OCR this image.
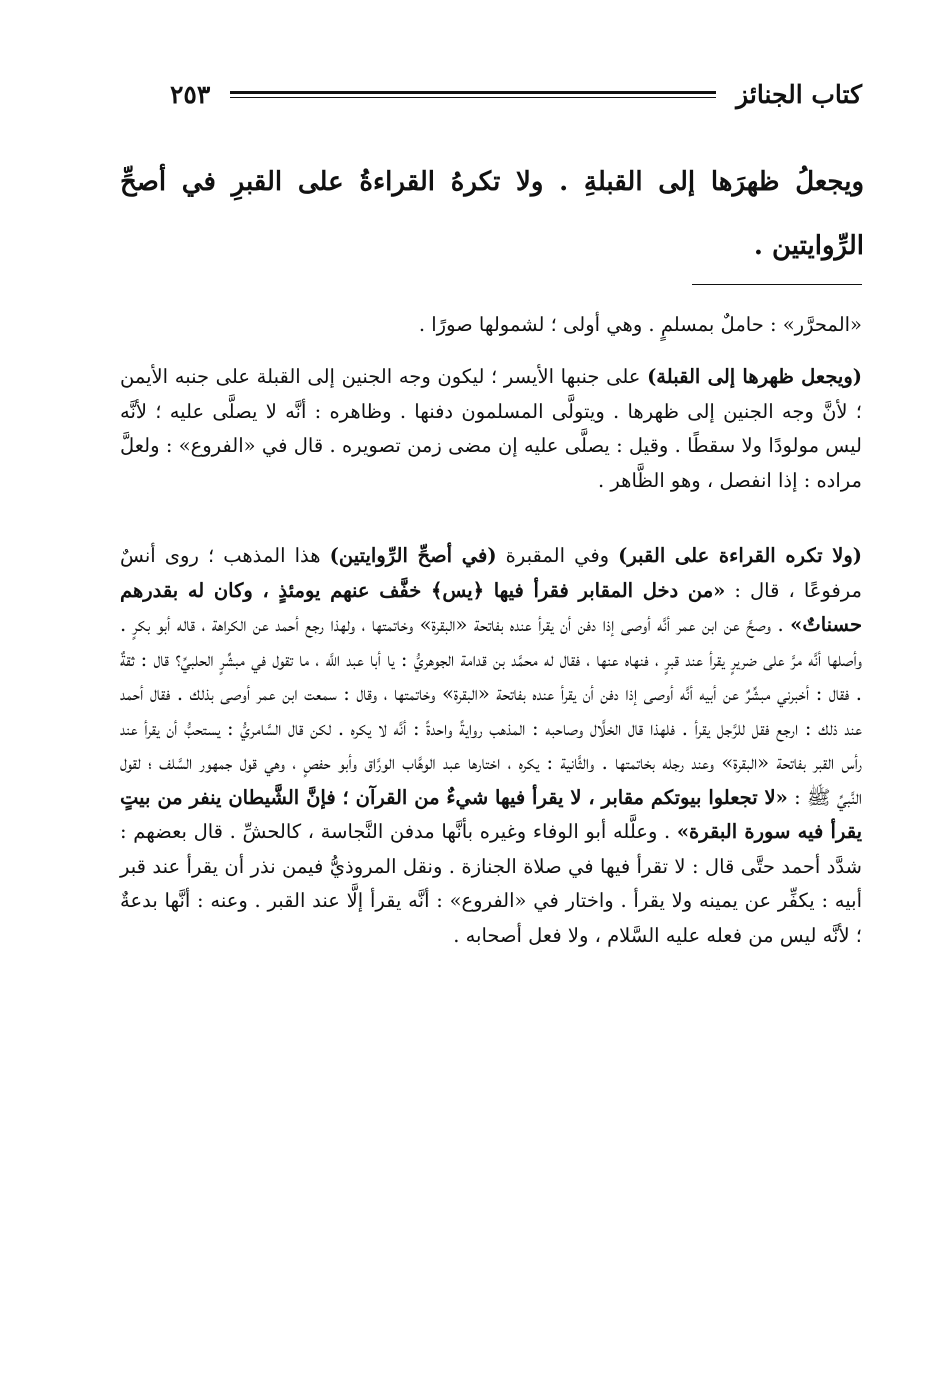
كتاب الجنائز
٢٥٣
ويجعلُ ظهرَها إلى القبلةِ . ولا تكرهُ القراءةُ على القبرِ في أصحِّ الرِّوايتين .
«المحرَّر» : حاملٌ بمسلمٍ . وهي أولى ؛ لشمولها صورًا .
(ويجعل ظهرها إلى القبلة) على جنبها الأيسر ؛ ليكون وجه الجنين إلى القبلة على جنبه الأيمن ؛ لأنَّ وجه الجنين إلى ظهرها . ويتولَّى المسلمون دفنها . وظاهره : أنَّه لا يصلَّى عليه ؛ لأنَّه ليس مولودًا ولا سقطًا . وقيل : يصلَّى عليه إن مضى زمن تصويره . قال في «الفروع» : ولعلَّ مراده : إذا انفصل ، وهو الظَّاهر .
(ولا تكره القراءة على القبر) وفي المقبرة (في أصحِّ الرِّوايتين) هذا المذهب ؛ روى أنسٌ مرفوعًا ، قال : «من دخل المقابر فقرأ فيها ﴿يس﴾ خفَّف عنهم يومئذٍ ، وكان له بقدرهم حسناتٌ» . وصحَّ عن ابن عمر أنَّه أوصى إذا دفن أن يقرأ عنده بفاتحة «البقرة» وخاتمتها ، ولهذا رجع أحمد عن الكراهة ، قاله أبو بكرٍ . وأصلها أنَّه مرَّ على ضريرٍ يقرأ عند قبرٍ ، فنهاه عنها ، فقال له محمَّد بن قدامة الجوهريُّ : يا أبا عبد اللَّه ، ما تقول في مبشِّرٍ الحلبيِّ؟ قال : ثقةٌ . فقال : أخبرني مبشِّرٌ عن أبيه أنَّه أوصى إذا دفن أن يقرأ عنده بفاتحة «البقرة» وخاتمتها ، وقال : سمعت ابن عمر أوصى بذلك . فقال أحمد عند ذلك : ارجع فقل للرَّجل يقرأ . فلهذا قال الخلَّال وصاحبه : المذهب روايةً واحدةً : أنَّه لا يكره . لكن قال السَّامريُّ : يستحبُّ أن يقرأ عند رأس القبر بفاتحة «البقرة» وعند رجله بخاتمتها . والثَّانية : يكره ، اختارها عبد الوهَّاب الورَّاق وأبو حفصٍ ، وهي قول جمهور السَّلف ؛ لقول النَّبيِّ ﷺ : «لا تجعلوا بيوتكم مقابر ، لا يقرأ فيها شيءٌ من القرآن ؛ فإنَّ الشَّيطان ينفر من بيتٍ يقرأ فيه سورة البقرة» . وعلَّله أبو الوفاء وغيره بأنَّها مدفن النَّجاسة ، كالحشِّ . قال بعضهم : شدَّد أحمد حتَّى قال : لا تقرأ فيها في صلاة الجنازة . ونقل المروذيُّ فيمن نذر أن يقرأ عند قبر أبيه : يكفِّر عن يمينه ولا يقرأ . واختار في «الفروع» : أنَّه يقرأ إلَّا عند القبر . وعنه : أنَّها بدعةٌ ؛ لأنَّه ليس من فعله عليه السَّلام ، ولا فعل أصحابه .
